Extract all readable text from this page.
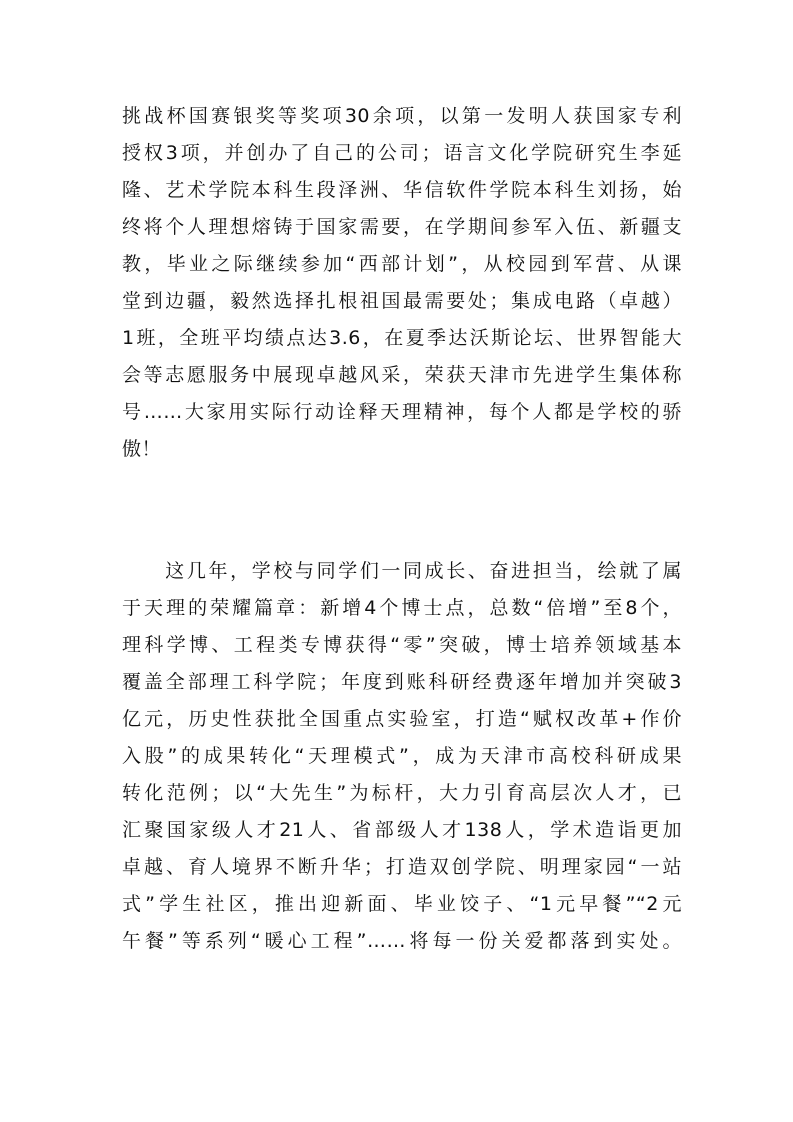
挑战杯国赛银奖等奖项30余项，以第一发明人获国家专利
授权3项，并创办了自己的公司；语言文化学院研究生李延
隆、艺术学院本科生段泽洲、华信软件学院本科生刘扬，始
终将个人理想熔铸于国家需要，在学期间参军入伍、新疆支
教，毕业之际继续参加“西部计划”，从校园到军营、从课
堂到边疆，毅然选择扎根祖国最需要处；集成电路（卓越）
1班，全班平均绩点达3.6，在夏季达沃斯论坛、世界智能大
会等志愿服务中展现卓越风采，荣获天津市先进学生集体称
号……大家用实际行动诠释天理精神，每个人都是学校的骄
傲！

　　这几年，学校与同学们一同成长、奋进担当，绘就了属
于天理的荣耀篇章：新增4个博士点，总数“倍增”至8个，
理科学博、工程类专博获得“零”突破，博士培养领域基本
覆盖全部理工科学院；年度到账科研经费逐年增加并突破3
亿元，历史性获批全国重点实验室，打造“赋权改革+作价
入股”的成果转化“天理模式”，成为天津市高校科研成果
转化范例；以“大先生”为标杆，大力引育高层次人才，已
汇聚国家级人才21人、省部级人才138人，学术造诣更加
卓越、育人境界不断升华；打造双创学院、明理家园“一站
式”学生社区，推出迎新面、毕业饺子、“1元早餐”“2元
午餐”等系列“暖心工程”……将每一份关爱都落到实处。
